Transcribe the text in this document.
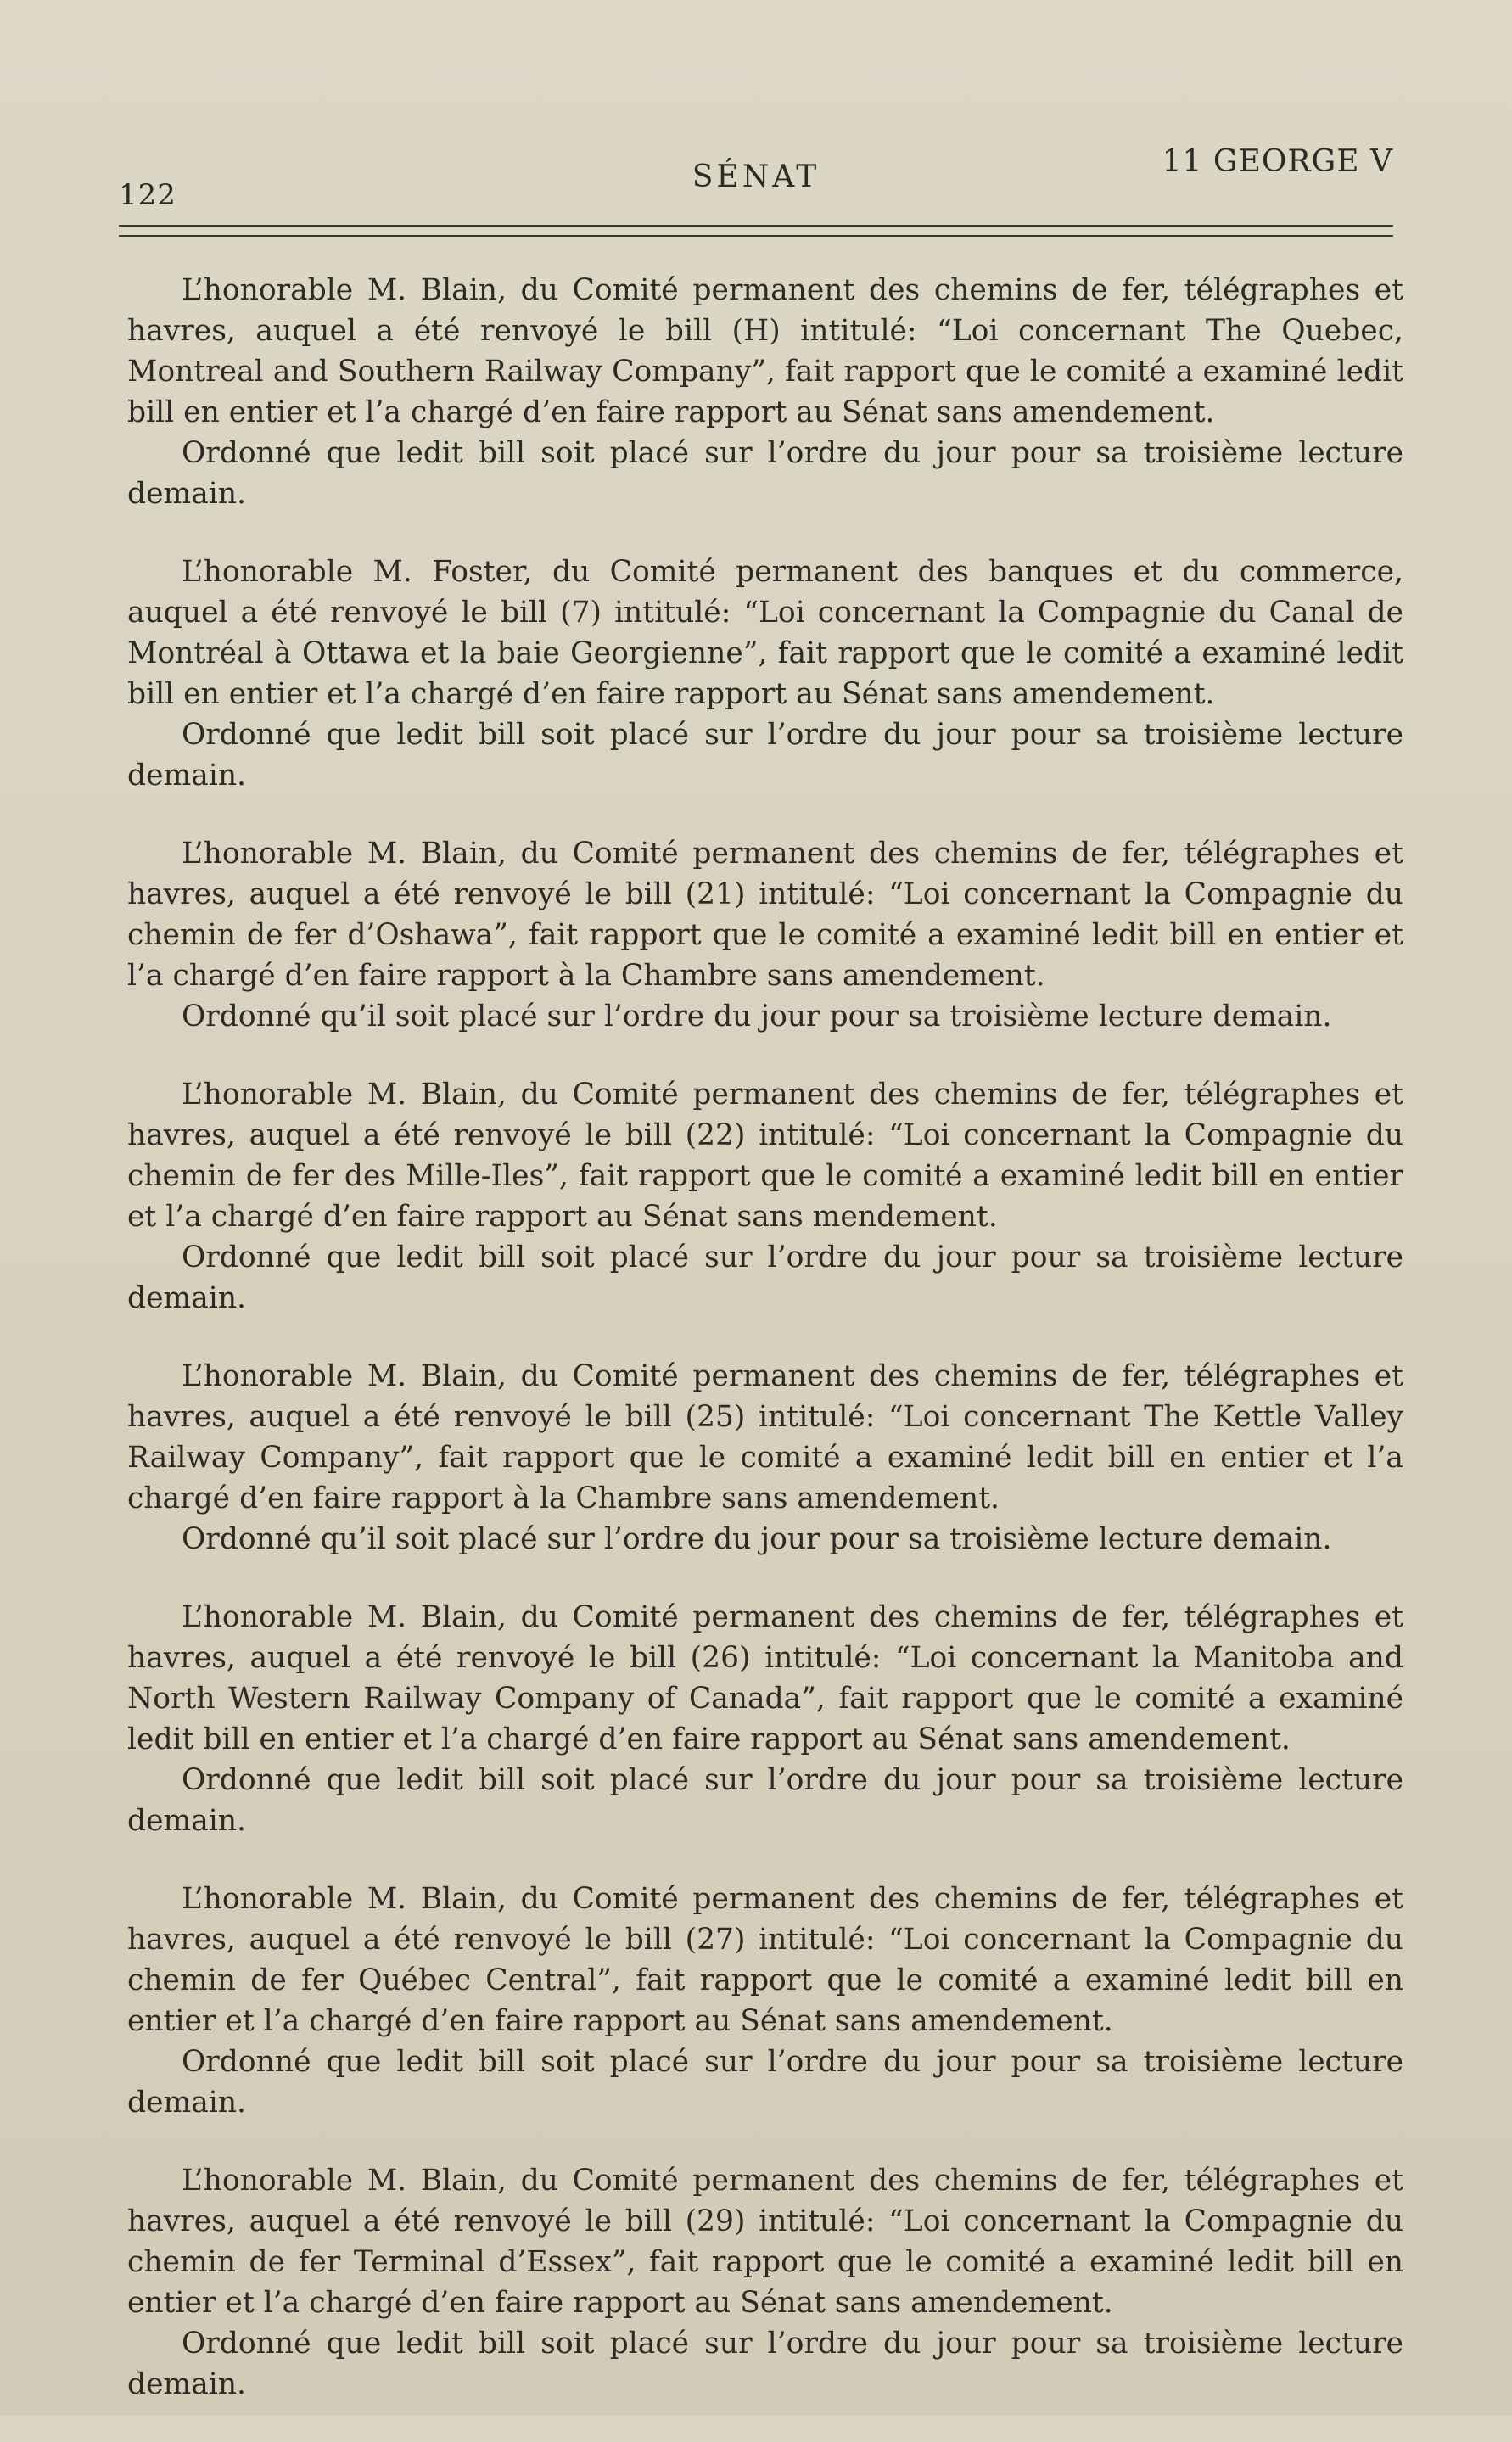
122
SÉNAT	11 GEORGE V

L’honorable M. Blain, du Comité permanent des chemins de fer, télégraphes et havres, auquel a été renvoyé le bill (H) intitulé: “Loi concernant The Quebec, Montreal and Southern Railway Company”, fait rapport que le comité a examiné ledit bill en entier et l’a chargé d’en faire rapport au Sénat sans amendement.

Ordonné que ledit bill soit placé sur l’ordre du jour pour sa troisième lecture demain.

L’honorable M. Foster, du Comité permanent des banques et du commerce, auquel a été renvoyé le bill (7) intitulé: “Loi concernant la Compagnie du Canal de Montréal à Ottawa et la baie Georgienne”, fait rapport que le comité a examiné ledit bill en entier et l’a chargé d’en faire rapport au Sénat sans amendement.

Ordonné que ledit bill soit placé sur l’ordre du jour pour sa troisième lecture demain.

L’honorable M. Blain, du Comité permanent des chemins de fer, télégraphes et havres, auquel a été renvoyé le bill (21) intitulé: “Loi concernant la Compagnie du chemin de fer d’Oshawa”, fait rapport que le comité a examiné ledit bill en entier et l’a chargé d’en faire rapport à la Chambre sans amendement.

Ordonné qu’il soit placé sur l’ordre du jour pour sa troisième lecture demain.

L’honorable M. Blain, du Comité permanent des chemins de fer, télégraphes et havres, auquel a été renvoyé le bill (22) intitulé: “Loi concernant la Compagnie du chemin de fer des Mille-Iles”, fait rapport que le comité a examiné ledit bill en entier et l’a chargé d’en faire rapport au Sénat sans mendement.

Ordonné que ledit bill soit placé sur l’ordre du jour pour sa troisième lecture demain.

L’honorable M. Blain, du Comité permanent des chemins de fer, télégraphes et havres, auquel a été renvoyé le bill (25) intitulé: “Loi concernant The Kettle Valley Railway Company”, fait rapport que le comité a examiné ledit bill en entier et l’a chargé d’en faire rapport à la Chambre sans amendement.

Ordonné qu’il soit placé sur l’ordre du jour pour sa troisième lecture demain.

L’honorable M. Blain, du Comité permanent des chemins de fer, télégraphes et havres, auquel a été renvoyé le bill (26) intitulé: “Loi concernant la Manitoba and North Western Railway Company of Canada”, fait rapport que le comité a examiné ledit bill en entier et l’a chargé d’en faire rapport au Sénat sans amendement.

Ordonné que ledit bill soit placé sur l’ordre du jour pour sa troisième lecture demain.

L’honorable M. Blain, du Comité permanent des chemins de fer, télégraphes et havres, auquel a été renvoyé le bill (27) intitulé: “Loi concernant la Compagnie du chemin de fer Québec Central”, fait rapport que le comité a examiné ledit bill en entier et l’a chargé d’en faire rapport au Sénat sans amendement.

Ordonné que ledit bill soit placé sur l’ordre du jour pour sa troisième lecture demain.

L’honorable M. Blain, du Comité permanent des chemins de fer, télégraphes et havres, auquel a été renvoyé le bill (29) intitulé: “Loi concernant la Compagnie du chemin de fer Terminal d’Essex”, fait rapport que le comité a examiné ledit bill en entier et l’a chargé d’en faire rapport au Sénat sans amendement.

Ordonné que ledit bill soit placé sur l’ordre du jour pour sa troisième lecture demain.
